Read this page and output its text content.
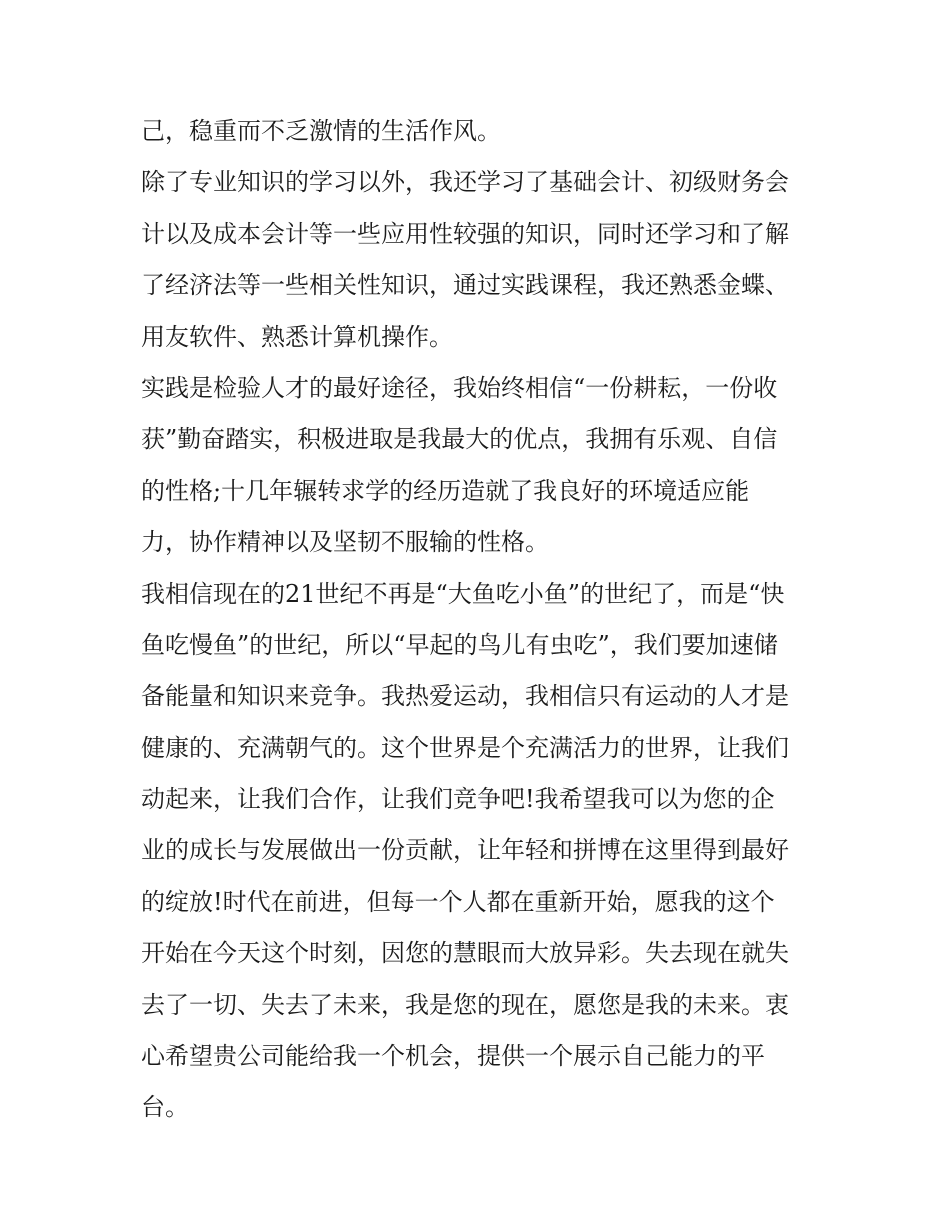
己，稳重而不乏激情的生活作风。
除了专业知识的学习以外，我还学习了基础会计、初级财务会
计以及成本会计等一些应用性较强的知识，同时还学习和了解
了经济法等一些相关性知识，通过实践课程，我还熟悉金蝶、
用友软件、熟悉计算机操作。
实践是检验人才的最好途径，我始终相信“一份耕耘，一份收
获”勤奋踏实，积极进取是我最大的优点，我拥有乐观、自信
的性格;十几年辗转求学的经历造就了我良好的环境适应能
力，协作精神以及坚韧不服输的性格。
我相信现在的21世纪不再是“大鱼吃小鱼”的世纪了，而是“快
鱼吃慢鱼”的世纪，所以“早起的鸟儿有虫吃”，我们要加速储
备能量和知识来竞争。我热爱运动，我相信只有运动的人才是
健康的、充满朝气的。这个世界是个充满活力的世界，让我们
动起来，让我们合作，让我们竞争吧!我希望我可以为您的企
业的成长与发展做出一份贡献，让年轻和拼博在这里得到最好
的绽放!时代在前进，但每一个人都在重新开始，愿我的这个
开始在今天这个时刻，因您的慧眼而大放异彩。失去现在就失
去了一切、失去了未来，我是您的现在，愿您是我的未来。衷
心希望贵公司能给我一个机会，提供一个展示自己能力的平
台。
